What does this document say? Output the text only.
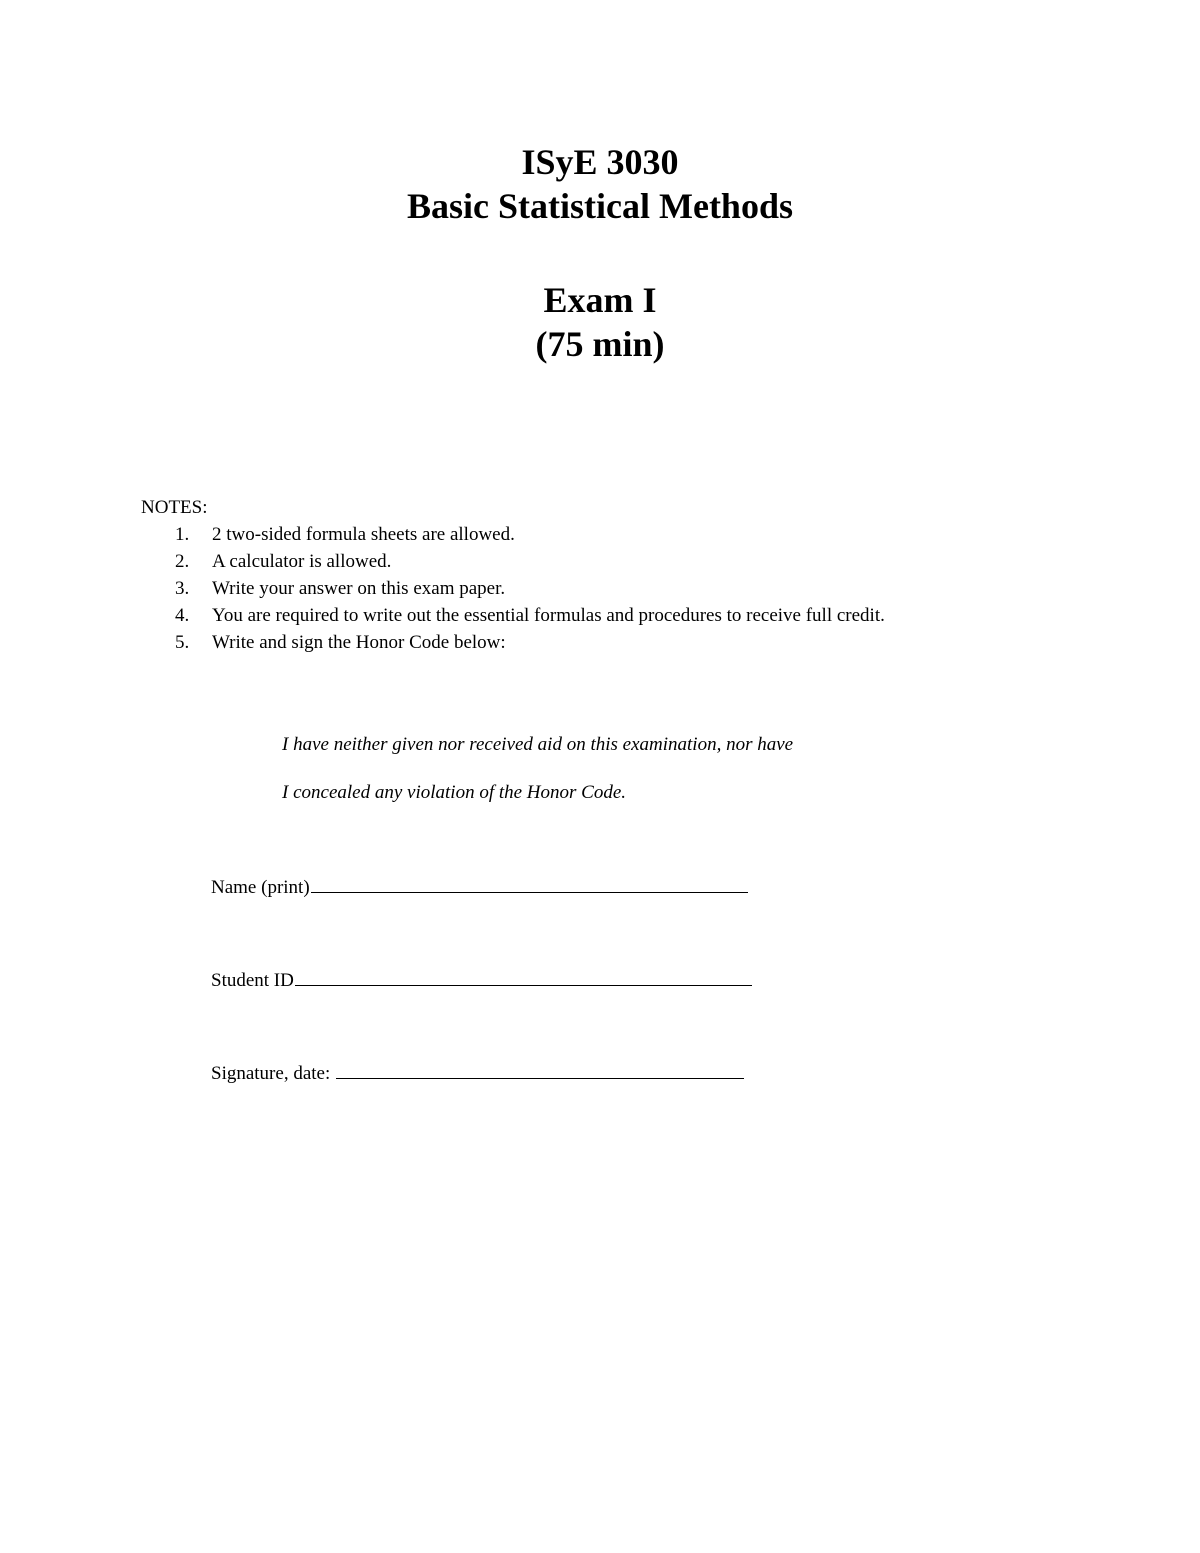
ISyE 3030
Basic Statistical Methods
Exam I
(75 min)
NOTES:
1. 2 two-sided formula sheets are allowed.
2. A calculator is allowed.
3. Write your answer on this exam paper.
4. You are required to write out the essential formulas and procedures to receive full credit.
5. Write and sign the Honor Code below:
I have neither given nor received aid on this examination, nor have
I concealed any violation of the Honor Code.
Name (print)
Student ID
Signature, date:
